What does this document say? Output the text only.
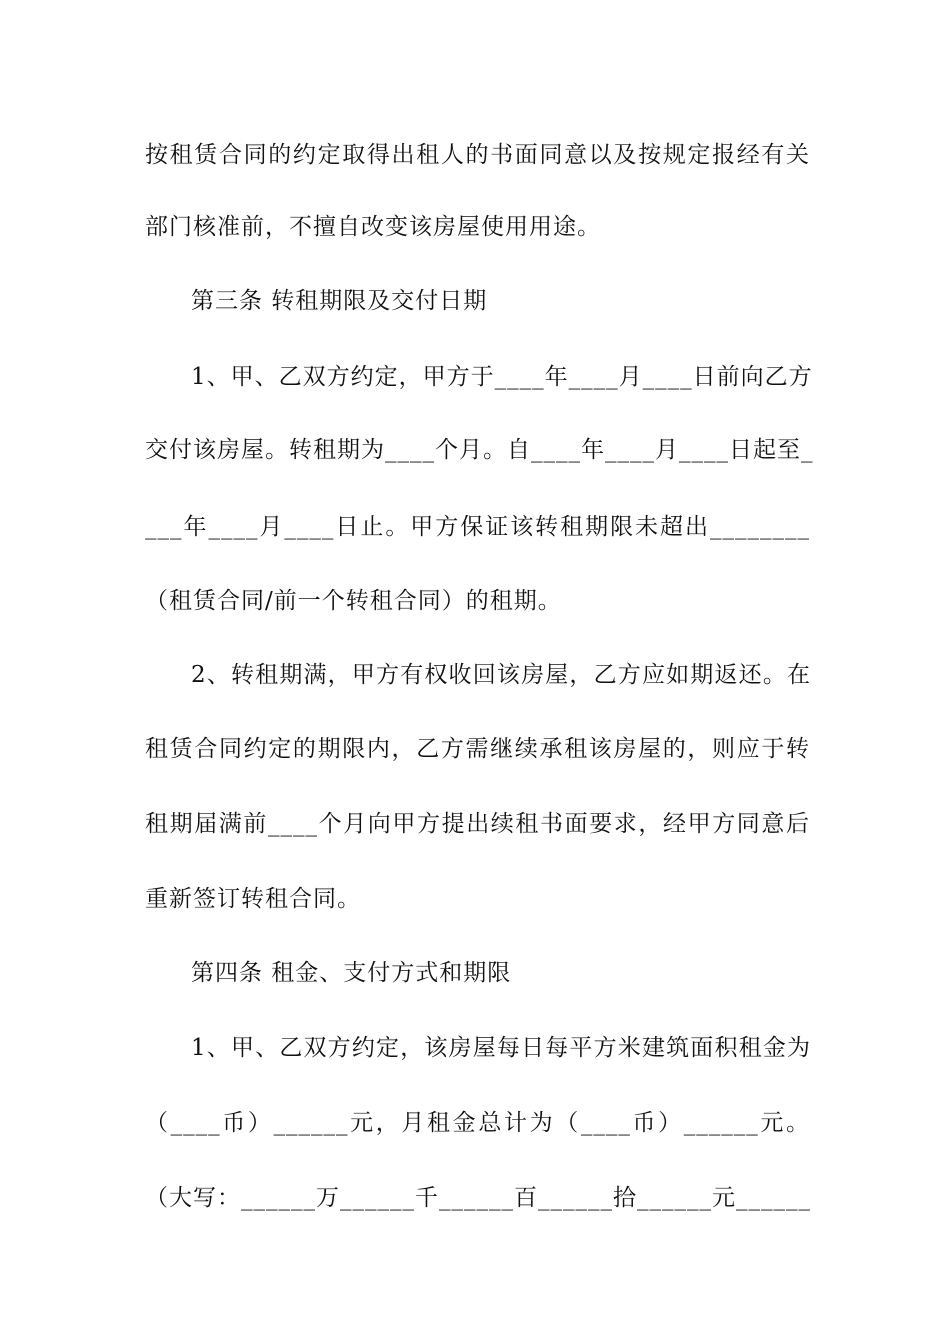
按租赁合同的约定取得出租人的书面同意以及按规定报经有关
部门核准前，不擅自改变该房屋使用用途。
第三条 转租期限及交付日期
1、甲、乙双方约定，甲方于____年____月____日前向乙方
交付该房屋。转租期为____个月。自____年____月____日起至_
___年____月____日止。甲方保证该转租期限未超出________
（租赁合同/前一个转租合同）的租期。
2、转租期满，甲方有权收回该房屋，乙方应如期返还。在
租赁合同约定的期限内，乙方需继续承租该房屋的，则应于转
租期届满前____个月向甲方提出续租书面要求，经甲方同意后
重新签订转租合同。
第四条 租金、支付方式和期限
1、甲、乙双方约定，该房屋每日每平方米建筑面积租金为
（____币）______元，月租金总计为（____币）______元。
（大写：______万______千______百______拾______元______
